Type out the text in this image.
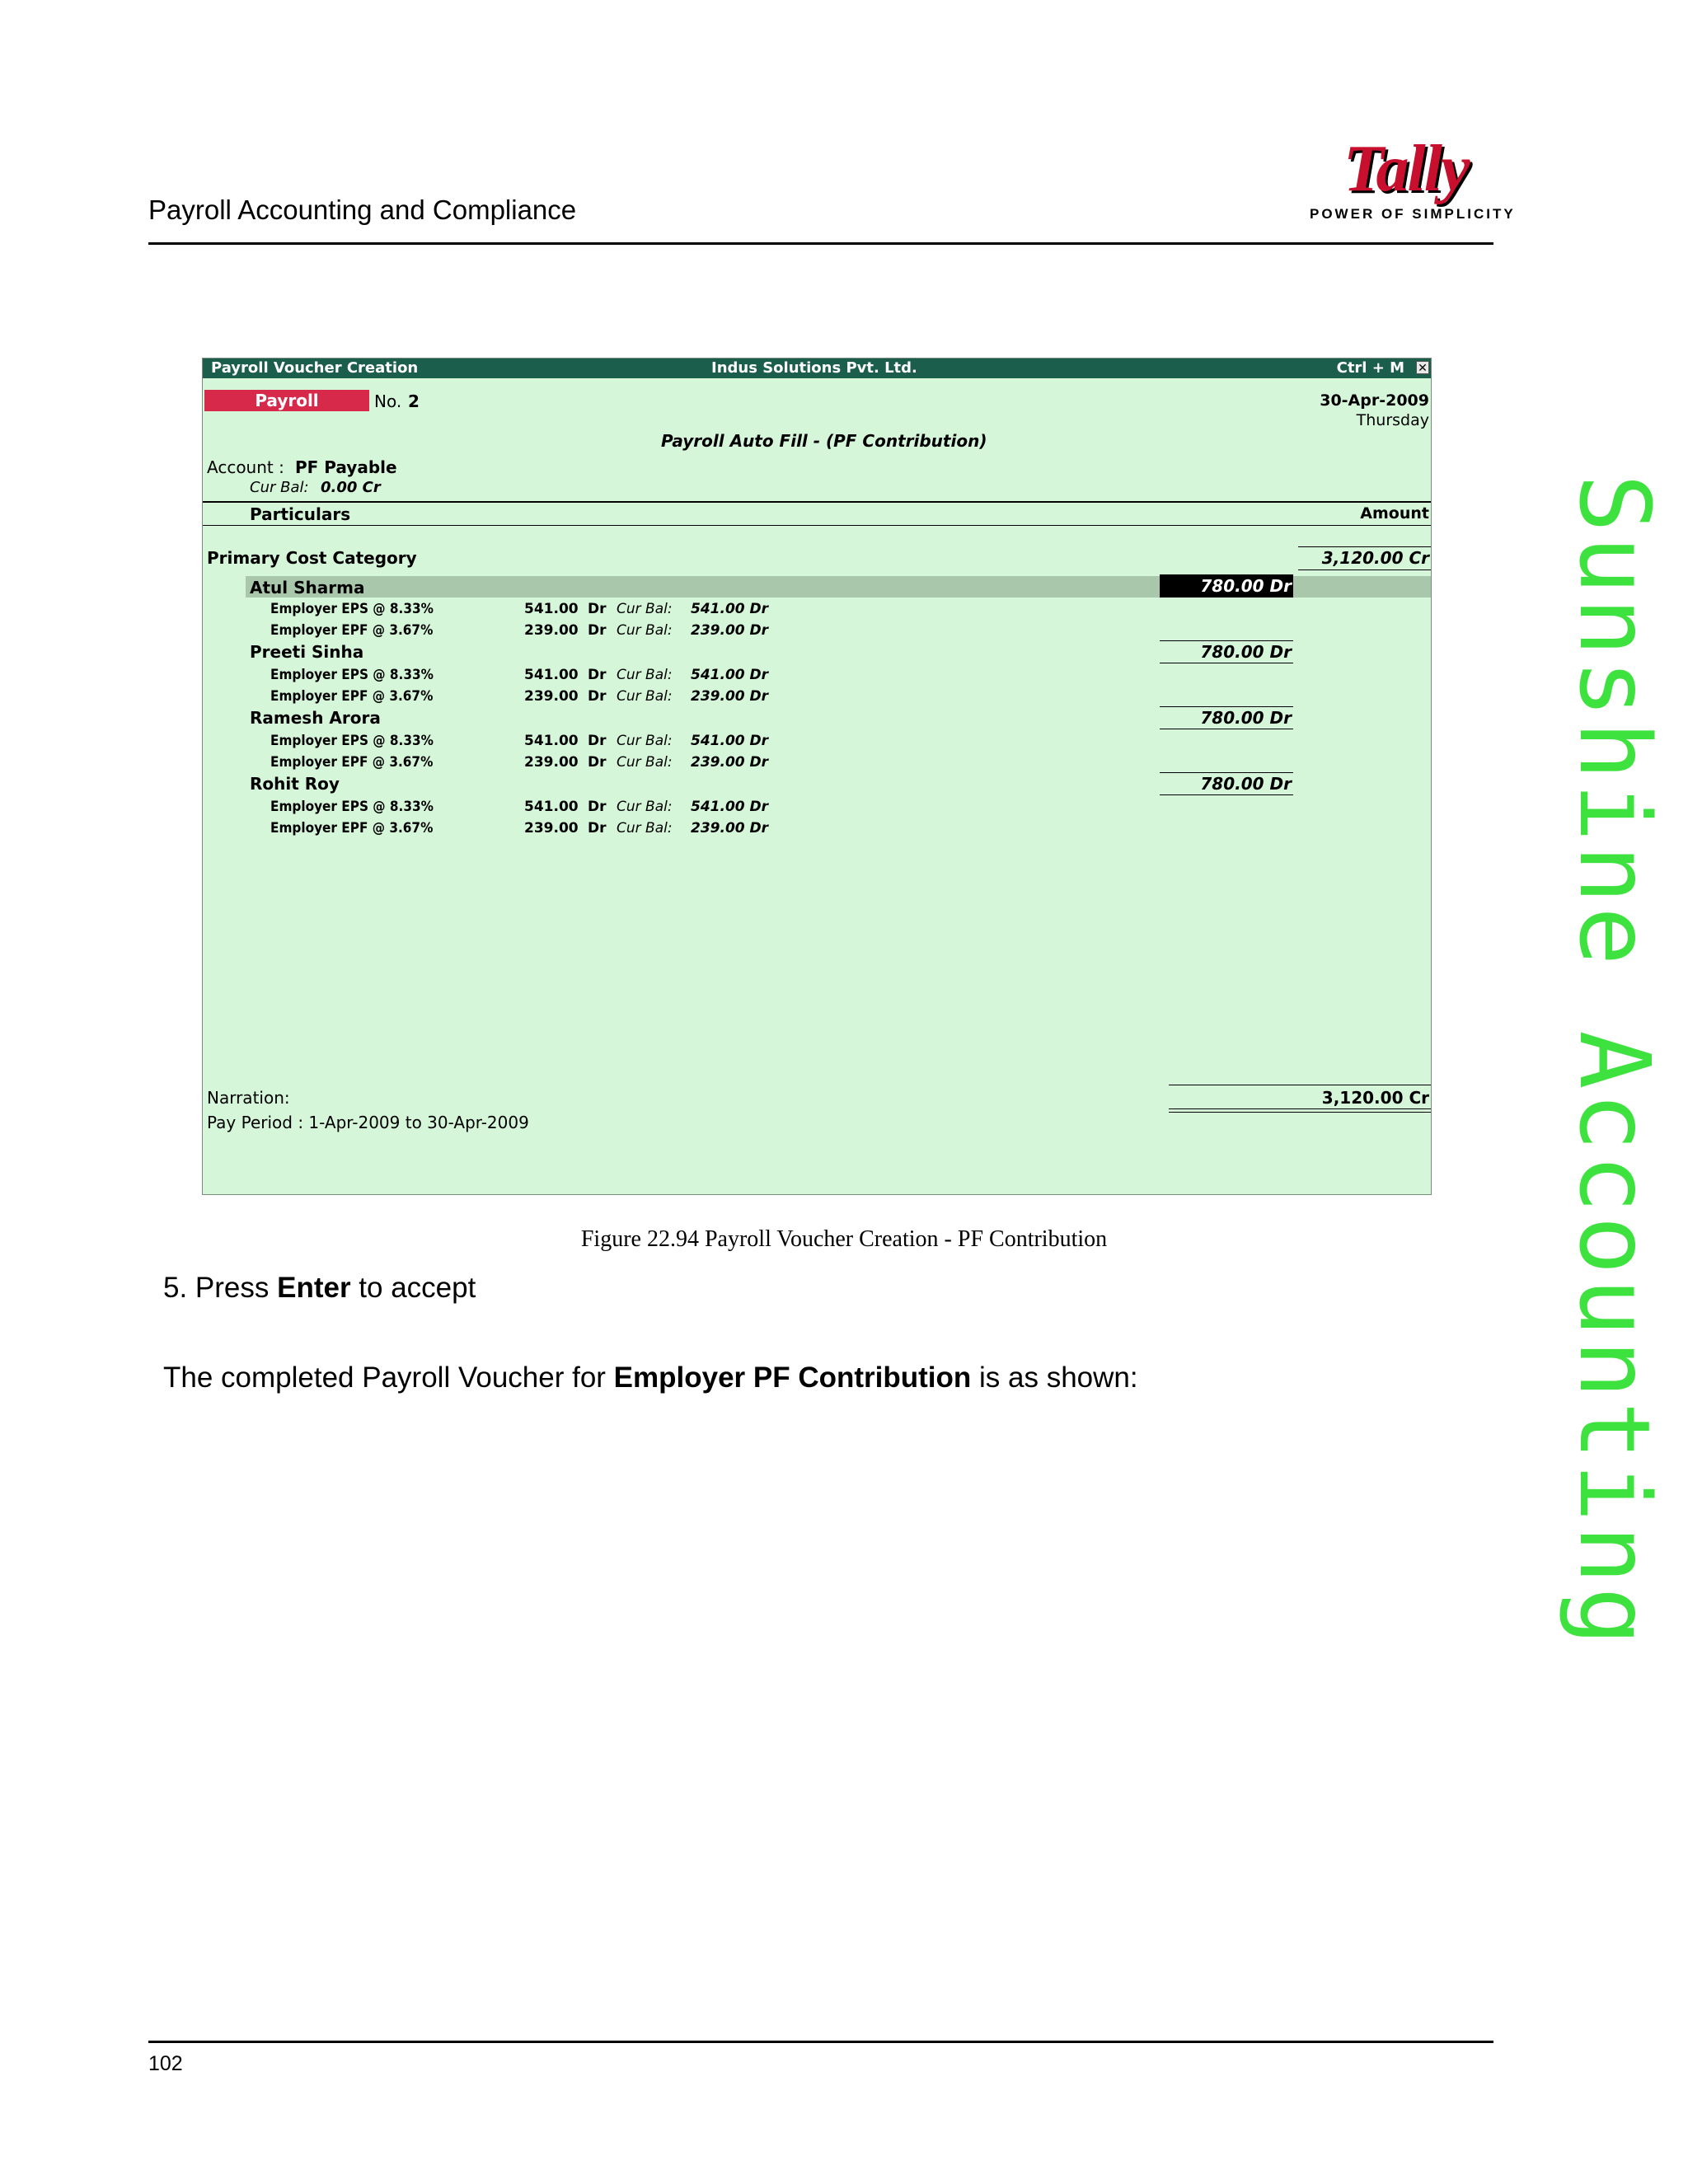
Payroll Accounting and Compliance
Tally
POWER OF SIMPLICITY
Payroll Voucher Creation	Indus Solutions Pvt. Ltd.	Ctrl + M ✕
Payroll	No. 2	30-Apr-2009
Thursday
Payroll Auto Fill - (PF Contribution)
Account : PF Payable
Cur Bal: 0.00 Cr
Particulars	Amount
Primary Cost Category	3,120.00 Cr
Atul Sharma	780.00 Dr
Employer EPS @ 8.33%	541.00 Dr Cur Bal: 541.00 Dr
Employer EPF @ 3.67%	239.00 Dr Cur Bal: 239.00 Dr
Preeti Sinha	780.00 Dr
Employer EPS @ 8.33%	541.00 Dr Cur Bal: 541.00 Dr
Employer EPF @ 3.67%	239.00 Dr Cur Bal: 239.00 Dr
Ramesh Arora	780.00 Dr
Employer EPS @ 8.33%	541.00 Dr Cur Bal: 541.00 Dr
Employer EPF @ 3.67%	239.00 Dr Cur Bal: 239.00 Dr
Rohit Roy	780.00 Dr
Employer EPS @ 8.33%	541.00 Dr Cur Bal: 541.00 Dr
Employer EPF @ 3.67%	239.00 Dr Cur Bal: 239.00 Dr
Narration:	3,120.00 Cr
Pay Period : 1-Apr-2009 to 30-Apr-2009
Figure 22.94 Payroll Voucher Creation - PF Contribution
5. Press Enter to accept
The completed Payroll Voucher for Employer PF Contribution is as shown:	Sunshine Accounting
102
